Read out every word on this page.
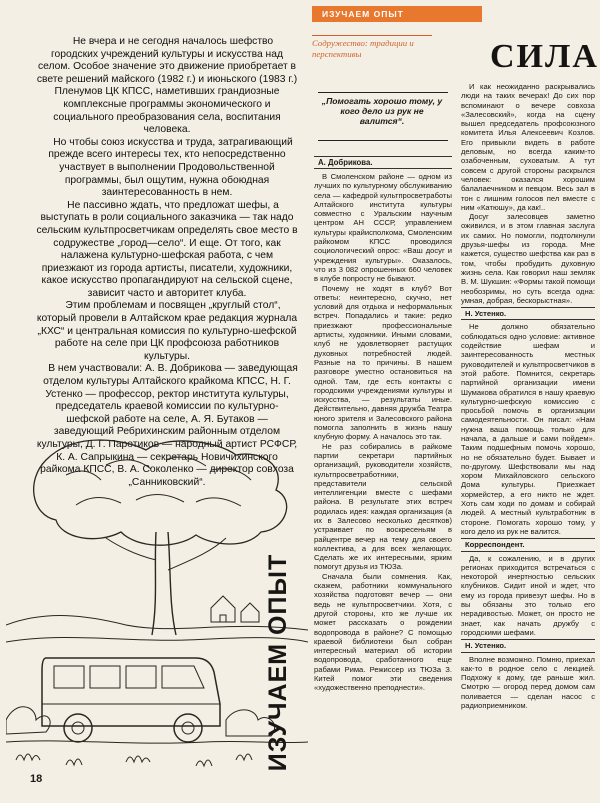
Не вчера и не сегодня началось шефство городских учреждений культуры и искусства над селом. Особое значение это движение приобретает в свете решений майского (1982 г.) и июньского (1983 г.) Пленумов ЦК КПСС, наметивших грандиозные комплексные программы экономического и социального преобразования села, воспитания человека.

Но чтобы союз искусства и труда, затрагивающий прежде всего интересы тех, кто непосредственно участвует в выполнении Продовольственной программы, был ощутим, нужна обоюдная заинтересованность в нем.

Не пассивно ждать, что предложат шефы, а выступать в роли социального заказчика — так надо сельским культпросветчикам определять свое место в содружестве „город—село“. И еще. От того, как налажена культурно-шефская работа, с чем приезжают из города артисты, писатели, художники, какое искусство пропагандируют на сельской сцене, зависит часто и авторитет клуба.

Этим проблемам и посвящен „круглый стол“, который провели в Алтайском крае редакция журнала „КХС“ и центральная комиссия по культурно-шефской работе на селе при ЦК профсоюза работников культуры.

В нем участвовали: А. В. Добрикова — заведующая отделом культуры Алтайского крайкома КПСС, Н. Г. Устенко — профессор, ректор института культуры, председатель краевой комиссии по культурно-шефской работе на селе, А. Я. Бутаков — заведующий Ребрихинским районным отделом культуры, Д. Г. Паротиков — народный артист РСФСР, К. А. Сапрыкина — секретарь Новичихинского райкома КПСС, В. А. Соколенко — директор совхоза „Санниковский“.

ИЗУЧАЕМ ОПЫТ
18
ИЗУЧАЕМ ОПЫТ
Содружество: традиции и перспективы	СИЛА
„Помогать хорошо тому, у кого дело из рук не валится“.
А. Добрикова.

В Смоленском районе — одном из лучших по культурному обслуживанию села — кафедрой культпросветработы Алтайского института культуры совместно с Уральским научным центром АН СССР, управлением культуры крайисполкома, Смоленским райкомом КПСС проводился социологический опрос: «Ваш досуг и учреждения культуры». Оказалось, что из 3 082 опрошенных 660 человек в клубе попросту не бывают.

Почему не ходят в клуб? Вот ответы: неинтересно, скучно, нет условий для отдыха и неформальных встреч. Попадались и такие: редко приезжают профессиональные артисты, художники. Иными словами, клуб не удовлетворяет растущих духовных потребностей людей. Разные на то причины. В нашем разговоре уместно остановиться на одной. Там, где есть контакты с городскими учреждениями культуры и искусства, — результаты иные. Действительно, давняя дружба Театра юного зрителя и Залесовского района помогла заполнить в жизнь нашу клубную форму. А началось это так.

Не раз собирались в райкоме партии секретари партийных организаций, руководители хозяйств, культпросветработники, представители сельской интеллигенции вместе с шефами района. В результате этих встреч родилась идея: каждая организация (а их в Залесово несколько десятков) устраивает по воскресеньям в райцентре вечер на тему для своего коллектива, а для всех желающих. Сделать же их интересными, ярким помогут друзья из ТЮЗа.

Сначала были сомнения. Как, скажем, работники коммунального хозяйства подготовят вечер — они ведь не культпросветчики. Хотя, с другой стороны, кто же лучше их может рассказать о рождении водопровода в районе? С помощью краевой библиотеки был собран интересный материал об истории водопровода, сработанного еще рабами Рима. Режиссер из ТЮЗа З. Китей помог эти сведения «художественно преподнести».

И как неожиданно раскрывались люди на таких вечерах! До сих пор вспоминают о вечере совхоза «Залесовский», когда на сцену вышел председатель профсоюзного комитета Илья Алексеевич Козлов. Его привыкли видеть в работе деловым, но всегда каким-то озабоченным, суховатым. А тут совсем с другой стороны раскрылся человек: оказался хорошим балалаечником и певцом. Весь зал в тон с лишним голосов пел вместе с ним «Катюшу», да как!..

Досуг залесовцев заметно оживился, и в этом главная заслуга их самих. Но помогли, подтолкнули друзья-шефы из города. Мне кажется, существо шефства как раз в том, чтобы пробудить духовную жизнь села. Как говорил наш земляк В. М. Шукшин: «Формы такой помощи необозримы, но суть всегда одна: умная, добрая, бескорыстная».

Н. Устенко.

Не должно обязательно соблюдаться одно условие: активное содействие шефам и заинтересованность местных руководителей и культпросветчиков в этой работе. Помнится, секретарь партийной организации имени Шумакова обратился в нашу краевую культурно-шефскую комиссию с просьбой помочь в организации самодеятельности. Он писал: «Нам нужна ваша помощь только для начала, а дальше и сами пойдем». Таким подшефным помочь хорошо, но не обязательно будет. Бывает и по-другому. Шефствовали мы над хором Михайловского сельского Дома культуры. Приезжает хормейстер, а его никто не ждет. Хоть сам ходи по домам и собирай людей. А местный культработник в стороне. Помогать хорошо тому, у кого дело из рук не валится.

Корреспондент.

Да, к сожалению, и в других регионах приходится встречаться с некоторой инертностью сельских клубников. Сидит иной и ждет, что ему из города привезут шефы. Но в вы обязаны это только его нерадивостью. Может, он просто не знает, как начать дружбу с городскими шефами.

Н. Устенко.

Вполне возможно. Помню, приехал как-то в родное село с лекцией. Подхожу к дому, где раньше жил. Смотрю — огород перед домом сам поливается — сделан насос с радиоприемником.
